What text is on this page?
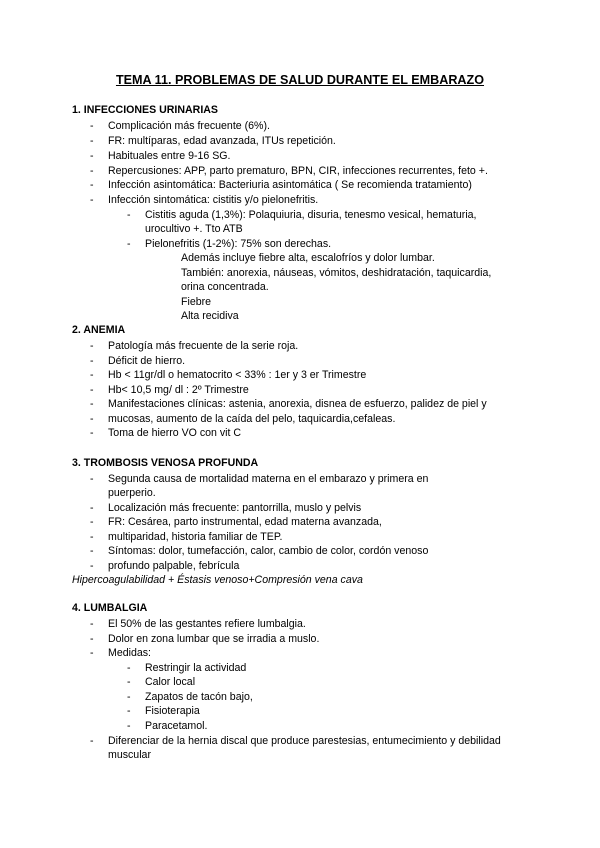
TEMA 11. PROBLEMAS DE SALUD DURANTE EL EMBARAZO
1. INFECCIONES URINARIAS
- Complicación más frecuente (6%).
- FR: multíparas, edad avanzada, ITUs repetición.
- Habituales entre 9-16 SG.
- Repercusiones: APP, parto prematuro, BPN, CIR, infecciones recurrentes, feto +.
- Infección asintomática: Bacteriuria asintomática ( Se recomienda tratamiento)
- Infección sintomática: cistitis y/o pielonefritis.
- Cistitis aguda (1,3%): Polaquiuria, disuria, tenesmo vesical, hematuria,
urocultivo +. Tto ATB
- Pielonefritis (1-2%): 75% son derechas.
Además incluye fiebre alta, escalofríos y dolor lumbar.
También: anorexia, náuseas, vómitos, deshidratación, taquicardia,
orina concentrada.
Fiebre
Alta recidiva
2. ANEMIA
- Patología más frecuente de la serie roja.
- Déficit de hierro.
- Hb < 11gr/dl o hematocrito < 33% : 1er y 3 er Trimestre
- Hb< 10,5 mg/ dl : 2º Trimestre
- Manifestaciones clínicas: astenia, anorexia, disnea de esfuerzo, palidez de piel y
- mucosas, aumento de la caída del pelo, taquicardia,cefaleas.
- Toma de hierro VO con vit C
3. TROMBOSIS VENOSA PROFUNDA
- Segunda causa de mortalidad materna en el embarazo y primera en
puerperio.
- Localización más frecuente: pantorrilla, muslo y pelvis
- FR: Cesárea, parto instrumental, edad materna avanzada,
- multiparidad, historia familiar de TEP.
- Síntomas: dolor, tumefacción, calor, cambio de color, cordón venoso
- profundo palpable, febrícula
Hipercoagulabilidad + Éstasis venoso+Compresión vena cava
4. LUMBALGIA
- El 50% de las gestantes refiere lumbalgia.
- Dolor en zona lumbar que se irradia a muslo.
- Medidas:
- Restringir la actividad
- Calor local
- Zapatos de tacón bajo,
- Fisioterapia
- Paracetamol.
- Diferenciar de la hernia discal que produce parestesias, entumecimiento y debilidad
muscular
